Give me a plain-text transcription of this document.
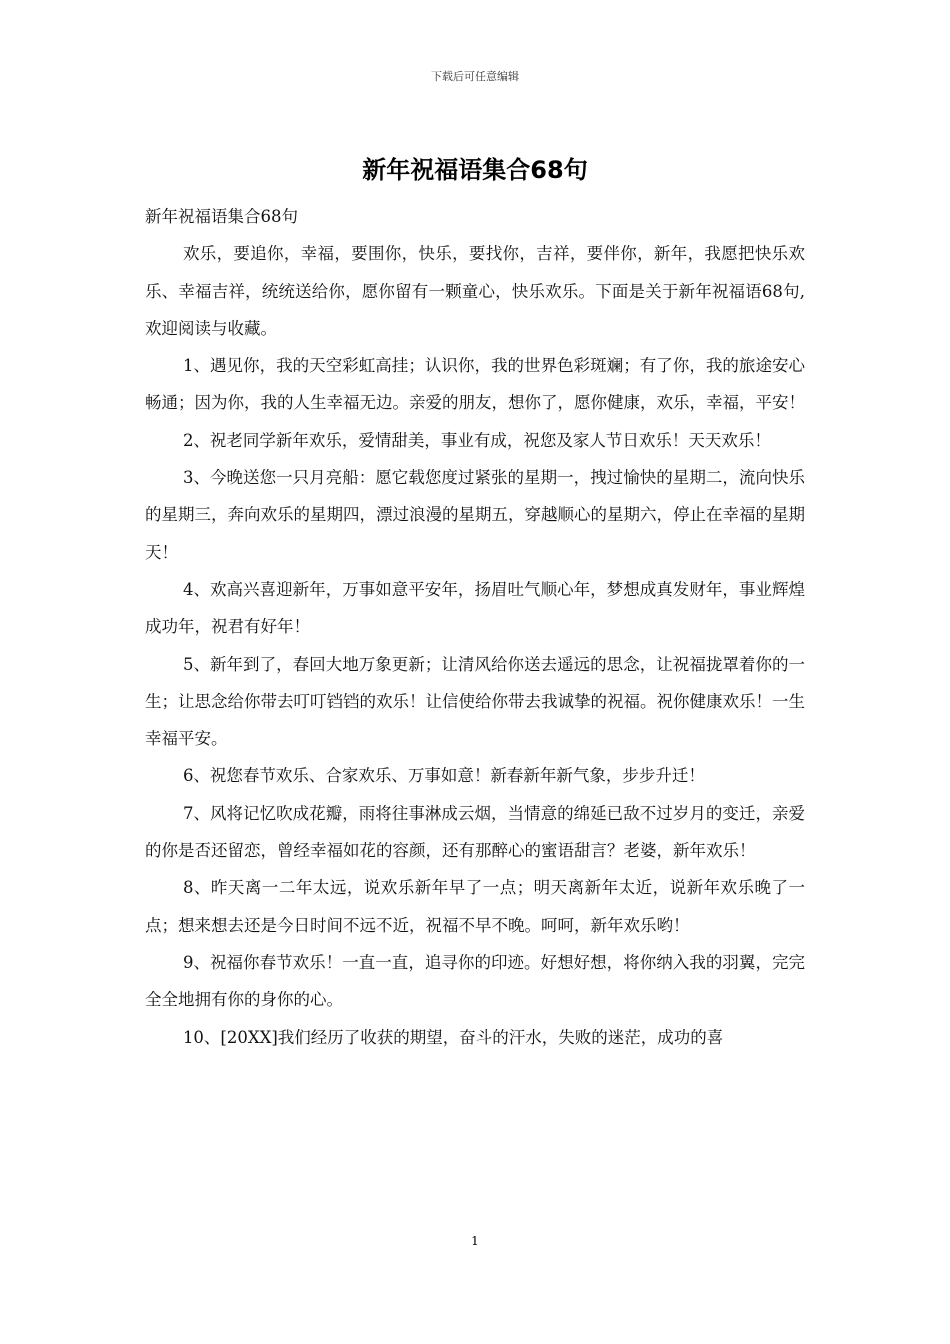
下载后可任意编辑
新年祝福语集合68句

新年祝福语集合68句

欢乐，要追你，幸福，要围你，快乐，要找你，吉祥，要伴你，新年，我愿把快乐欢乐、幸福吉祥，统统送给你，愿你留有一颗童心，快乐欢乐。下面是关于新年祝福语68句,欢迎阅读与收藏。

1、遇见你，我的天空彩虹高挂；认识你，我的世界色彩斑斓；有了你，我的旅途安心畅通；因为你，我的人生幸福无边。亲爱的朋友，想你了，愿你健康，欢乐，幸福，平安！

2、祝老同学新年欢乐，爱情甜美，事业有成，祝您及家人节日欢乐！天天欢乐！

3、今晚送您一只月亮船：愿它载您度过紧张的星期一，拽过愉快的星期二，流向快乐的星期三，奔向欢乐的星期四，漂过浪漫的星期五，穿越顺心的星期六，停止在幸福的星期天！

4、欢高兴喜迎新年，万事如意平安年，扬眉吐气顺心年，梦想成真发财年，事业辉煌成功年，祝君有好年！

5、新年到了，春回大地万象更新；让清风给你送去遥远的思念，让祝福拢罩着你的一生；让思念给你带去叮叮铛铛的欢乐！让信使给你带去我诚挚的祝福。祝你健康欢乐！一生幸福平安。

6、祝您春节欢乐、合家欢乐、万事如意！新春新年新气象，步步升迁！

7、风将记忆吹成花瓣，雨将往事淋成云烟，当情意的绵延已敌不过岁月的变迁，亲爱的你是否还留恋，曾经幸福如花的容颜，还有那醉心的蜜语甜言？老婆，新年欢乐！

8、昨天离一二年太远，说欢乐新年早了一点；明天离新年太近，说新年欢乐晚了一点；想来想去还是今日时间不远不近，祝福不早不晚。呵呵，新年欢乐哟！

9、祝福你春节欢乐！一直一直，追寻你的印迹。好想好想，将你纳入我的羽翼，完完全全地拥有你的身你的心。

10、[20XX]我们经历了收获的期望，奋斗的汗水，失败的迷茫，成功的喜

1
